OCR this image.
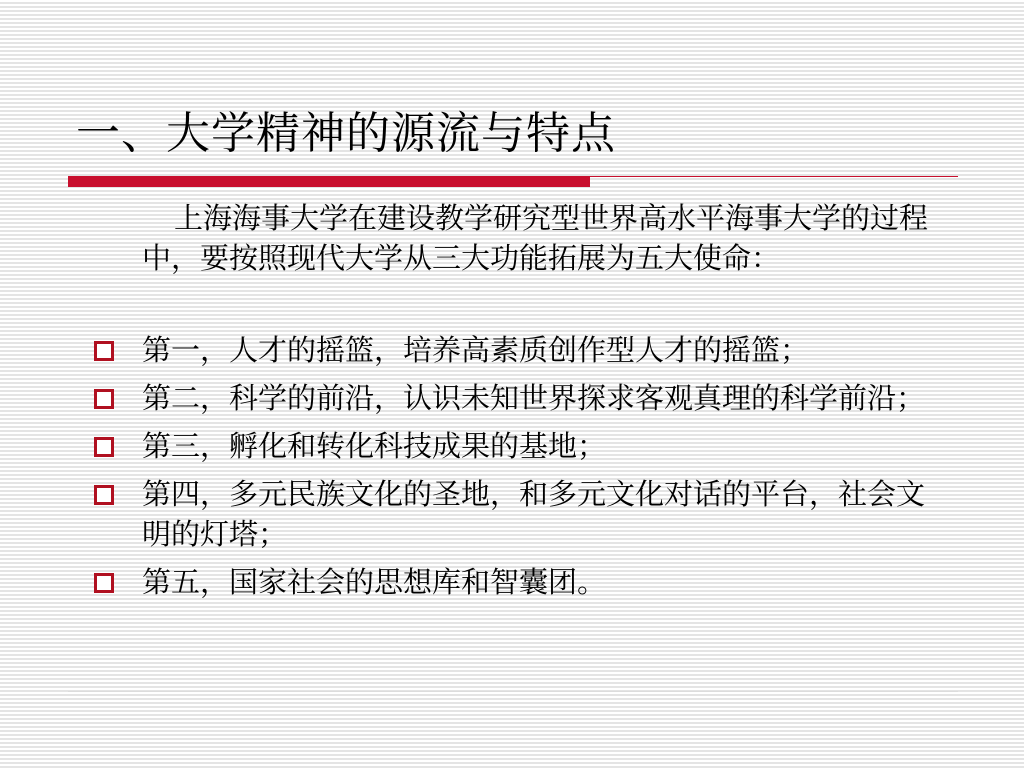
一、大学精神的源流与特点

上海海事大学在建设教学研究型世界高水平海事大学的过程中，要按照现代大学从三大功能拓展为五大使命：

第一，人才的摇篮，培养高素质创作型人才的摇篮；
第二，科学的前沿，认识未知世界探求客观真理的科学前沿；
第三，孵化和转化科技成果的基地；
第四，多元民族文化的圣地，和多元文化对话的平台，社会文明的灯塔；
第五，国家社会的思想库和智囊团。
